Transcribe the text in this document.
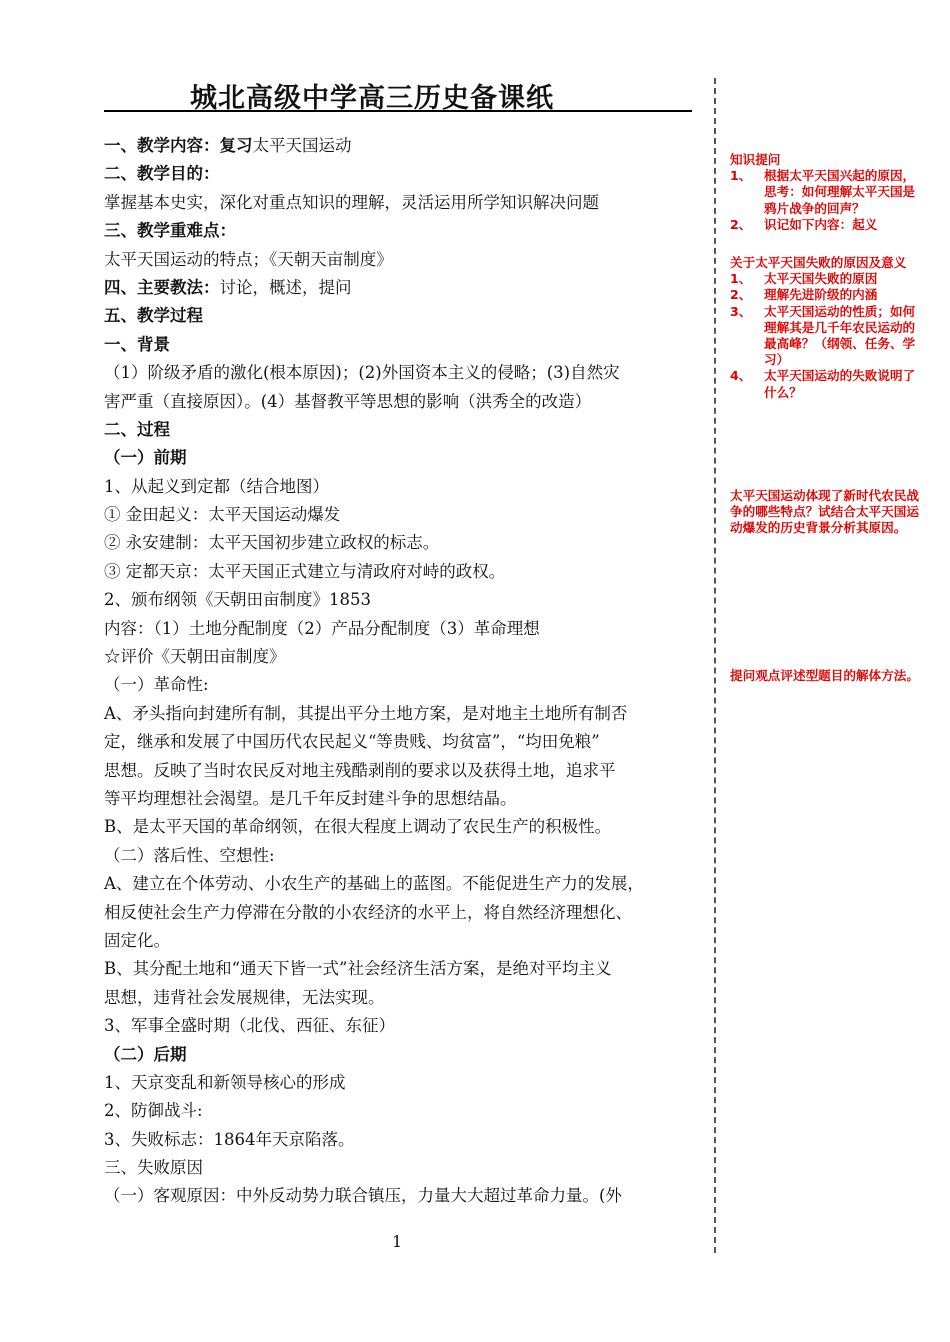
城北高级中学高三历史备课纸
一、教学内容：复习太平天国运动
二、教学目的：
掌握基本史实，深化对重点知识的理解，灵活运用所学知识解决问题
三、教学重难点：
太平天国运动的特点；《天朝天亩制度》
四、主要教法：讨论，概述，提问
五、教学过程
一、背景
（1）阶级矛盾的激化(根本原因)；(2)外国资本主义的侵略；(3)自然灾
害严重（直接原因）。(4）基督教平等思想的影响（洪秀全的改造）
二、过程
（一）前期
1、从起义到定都（结合地图）
① 金田起义：太平天国运动爆发
② 永安建制：太平天国初步建立政权的标志。
③ 定都天京：太平天国正式建立与清政府对峙的政权。
2、颁布纲领《天朝田亩制度》1853
内容：（1）土地分配制度（2）产品分配制度（3）革命理想
☆评价《天朝田亩制度》
（一）革命性:
A、矛头指向封建所有制，其提出平分土地方案，是对地主土地所有制否
定，继承和发展了中国历代农民起义“等贵贱、均贫富”，“均田免粮”
思想。反映了当时农民反对地主残酷剥削的要求以及获得土地，追求平
等平均理想社会渴望。是几千年反封建斗争的思想结晶。
B、是太平天国的革命纲领，在很大程度上调动了农民生产的积极性。
（二）落后性、空想性:
A、建立在个体劳动、小农生产的基础上的蓝图。不能促进生产力的发展，
相反使社会生产力停滞在分散的小农经济的水平上，将自然经济理想化、
固定化。
B、其分配土地和“通天下皆一式”社会经济生活方案，是绝对平均主义
思想，违背社会发展规律，无法实现。
3、军事全盛时期（北伐、西征、东征）
（二）后期
1、天京变乱和新领导核心的形成
2、防御战斗:
3、失败标志：1864年天京陷落。
三、失败原因
（一）客观原因：中外反动势力联合镇压，力量大大超过革命力量。(外
知识提问
1、	根据太平天国兴起的原因，思考：如何理解太平天国是鸦片战争的回声？
2、	识记如下内容：起义
关于太平天国失败的原因及意义
1、	太平天国失败的原因
2、	理解先进阶级的内涵
3、	太平天国运动的性质；如何理解其是几千年农民运动的最高峰？（纲领、任务、学习）
4、	太平天国运动的失败说明了什么？
太平天国运动体现了新时代农民战争的哪些特点？试结合太平天国运动爆发的历史背景分析其原因。
提问观点评述型题目的解体方法。
1
